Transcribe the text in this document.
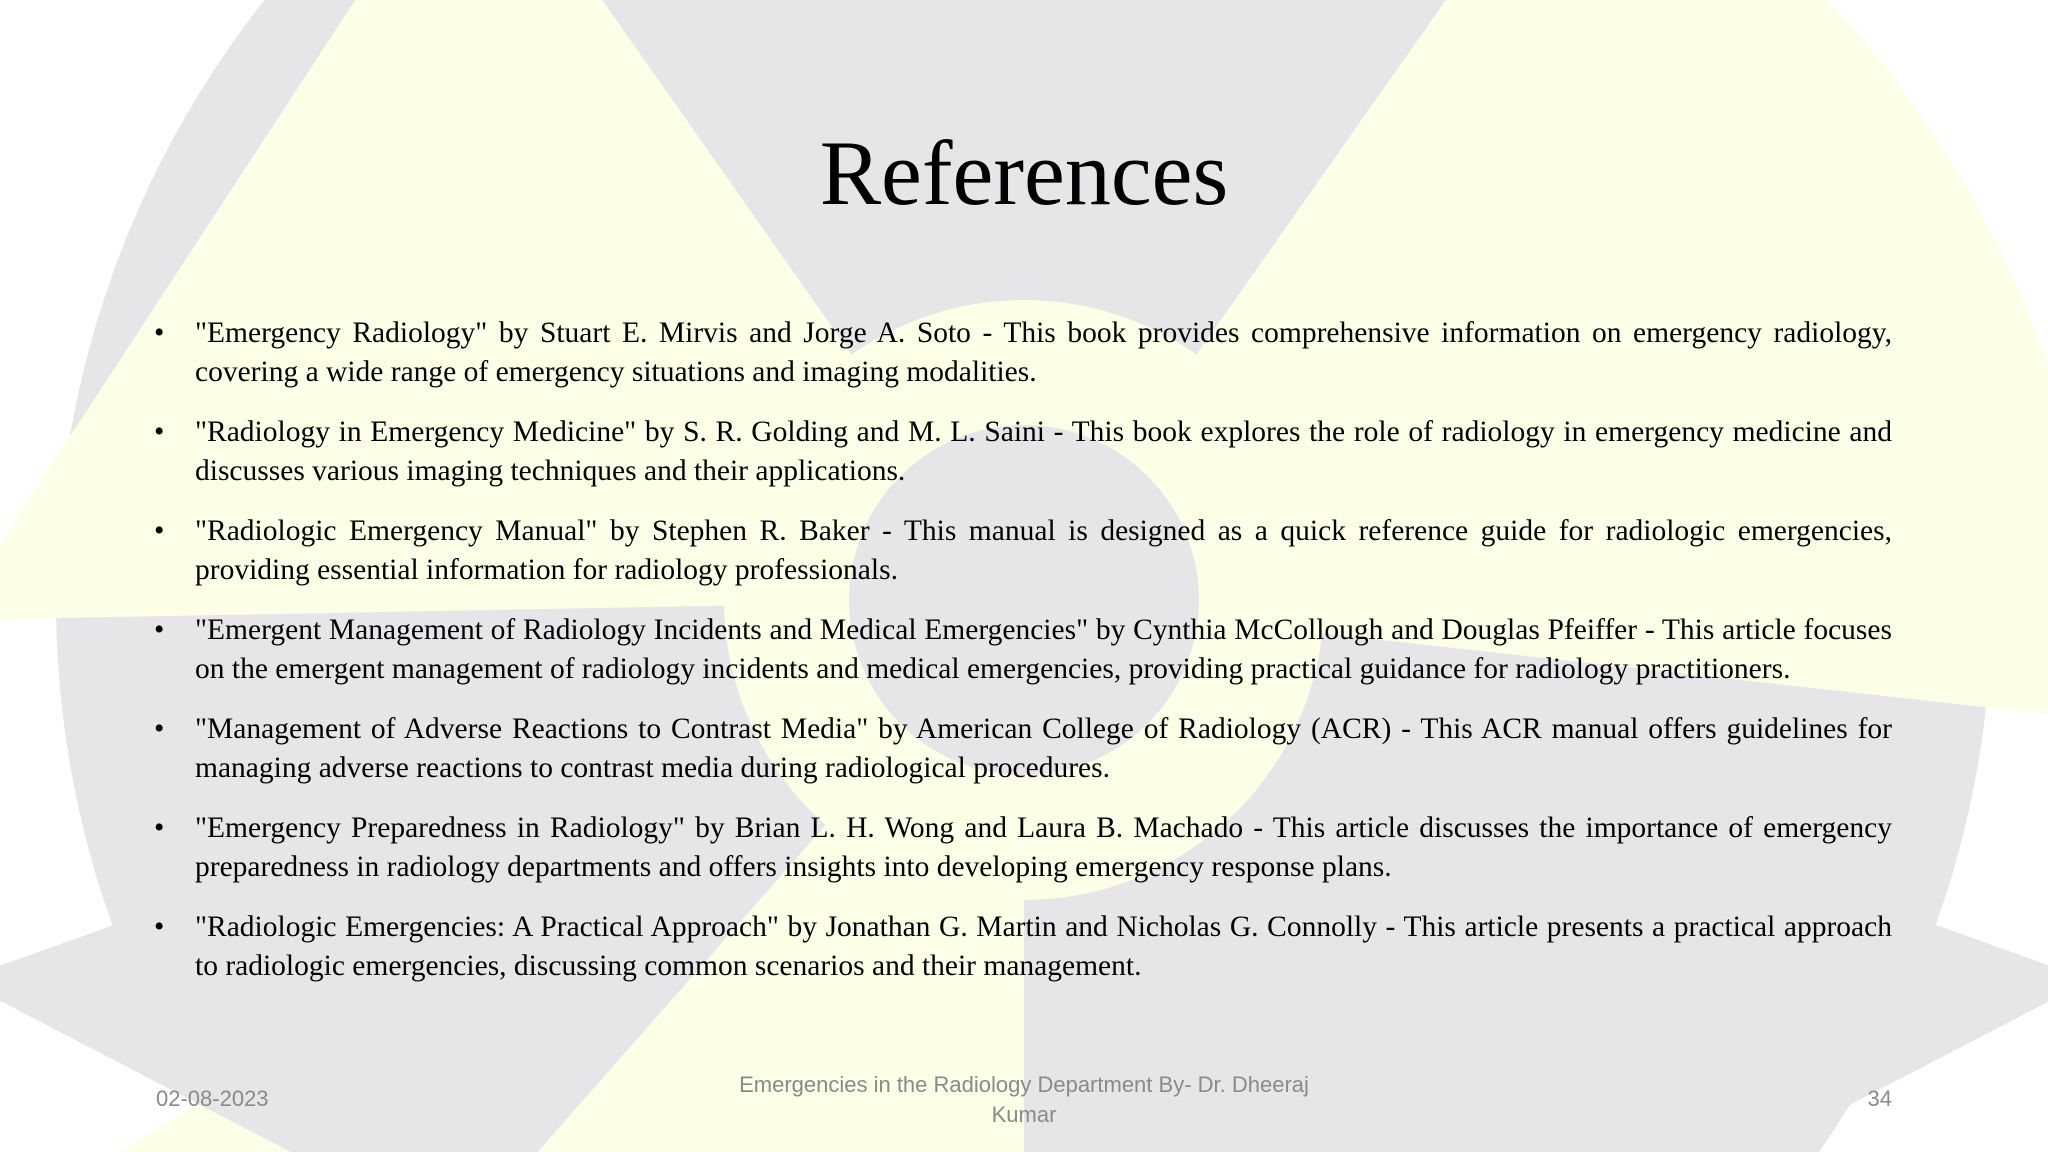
References
•	"Emergency Radiology" by Stuart E. Mirvis and Jorge A. Soto - This book provides comprehensive information on emergency radiology, covering a wide range of emergency situations and imaging modalities.
•	"Radiology in Emergency Medicine" by S. R. Golding and M. L. Saini - This book explores the role of radiology in emergency medicine and discusses various imaging techniques and their applications.
•	"Radiologic Emergency Manual" by Stephen R. Baker - This manual is designed as a quick reference guide for radiologic emergencies, providing essential information for radiology professionals.
•	"Emergent Management of Radiology Incidents and Medical Emergencies" by Cynthia McCollough and Douglas Pfeiffer - This article focuses on the emergent management of radiology incidents and medical emergencies, providing practical guidance for radiology practitioners.
•	"Management of Adverse Reactions to Contrast Media" by American College of Radiology (ACR) - This ACR manual offers guidelines for managing adverse reactions to contrast media during radiological procedures.
•	"Emergency Preparedness in Radiology" by Brian L. H. Wong and Laura B. Machado - This article discusses the importance of emergency preparedness in radiology departments and offers insights into developing emergency response plans.
•	"Radiologic Emergencies: A Practical Approach" by Jonathan G. Martin and Nicholas G. Connolly - This article presents a practical approach to radiologic emergencies, discussing common scenarios and their management.
02-08-2023
Emergencies in the Radiology Department By- Dr. Dheeraj
Kumar
34
